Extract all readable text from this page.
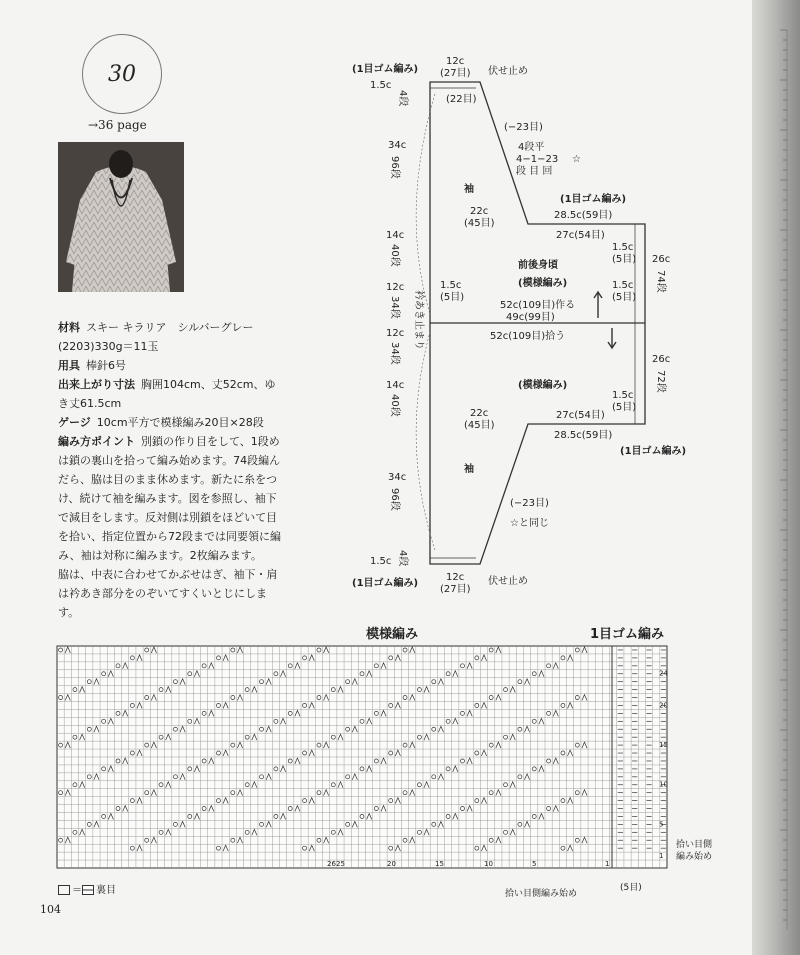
30
→36 page

材料 スキー キラリア　シルバーグレー(2203)330g＝11玉

用具 棒針6号

出来上がり寸法 胸囲104cm、丈52cm、ゆき丈61.5cm

ゲージ 10cm平方で模様編み20目×28段

編み方ポイント 別鎖の作り目をして、1段めは鎖の裏山を拾って編み始めます。74段編んだら、脇は目のまま休めます。新たに糸をつけ、続けて袖を編みます。図を参照し、袖下で減目をします。反対側は別鎖をほどいて目を拾い、指定位置から72段までは同要領に編み、袖は対称に編みます。2枚編みます。

脇は、中表に合わせてかぶせはぎ、袖下・肩は衿あき部分をのぞいてすくいとじにします。

(1目ゴム編み)
12c
(27目) 伏せ止め
(22目)
1.5c
4段
34c
96段
(−23目)
4段平
4−1−23
段 目 回
☆
袖
(1目ゴム編み)
22c
(45目)
28.5c(59目)
27c(54目)
1.5c
(5目) 26c
74段
前後身頃
(模様編み)
14c
40段
12c
34段 衿あき止まり
1.5c
(5目)
52c(109目)作る
49c(99目)
52c(109目)拾う
1.5c
(5目)
12c
34段
14c
40段
26c
72段
(模様編み)
1.5c
(5目)
22c
(45目)
27c(54目)
28.5c(59目)
(1目ゴム編み)
袖
34c
96段	(−23目)
☆と同じ
1.5c 4段
(1目ゴム編み)
12c
(27目)
伏せ止め
模様編み	1目ゴム編み
24
20
15
10
5
1
26 25	20	15	10	5	1
拾い目側
編み始め
拾い目側編み始め
(5目)
＝ 裏目
104
